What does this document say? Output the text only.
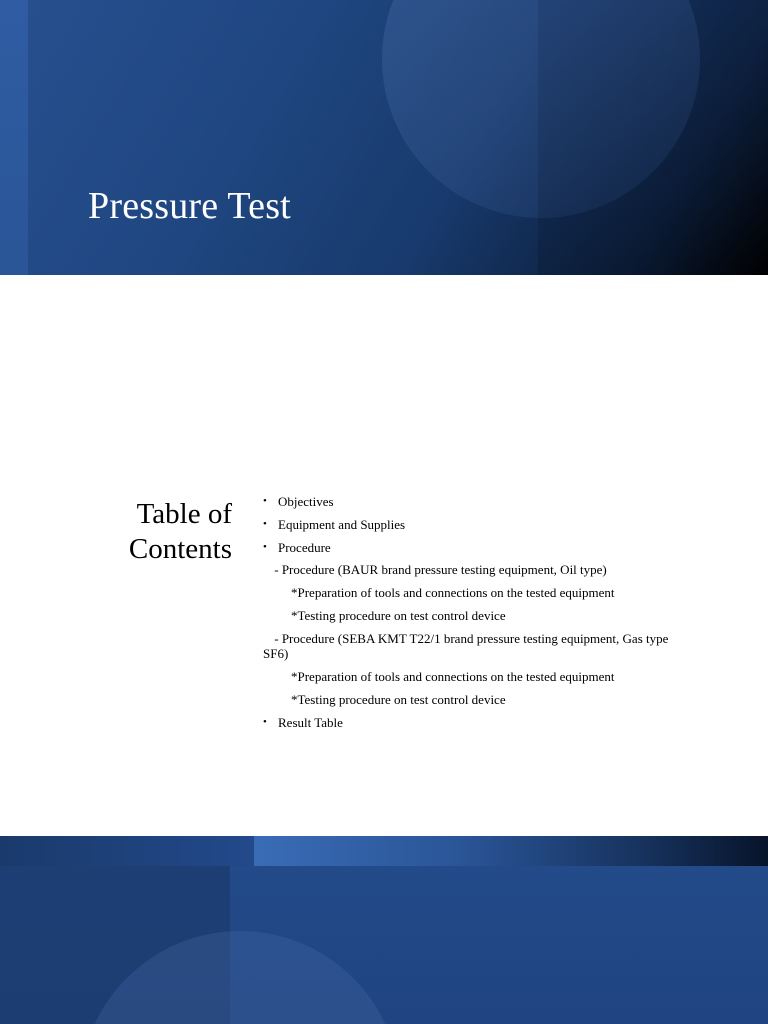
Pressure Test
Table of Contents
• Objectives
• Equipment and Supplies
• Procedure
- Procedure (BAUR brand pressure testing equipment, Oil type)
*Preparation of tools and connections on the tested equipment
*Testing procedure on test control device
- Procedure (SEBA KMT T22/1 brand pressure testing equipment, Gas type SF6)
*Preparation of tools and connections on the tested equipment
*Testing procedure on test control device
• Result Table
